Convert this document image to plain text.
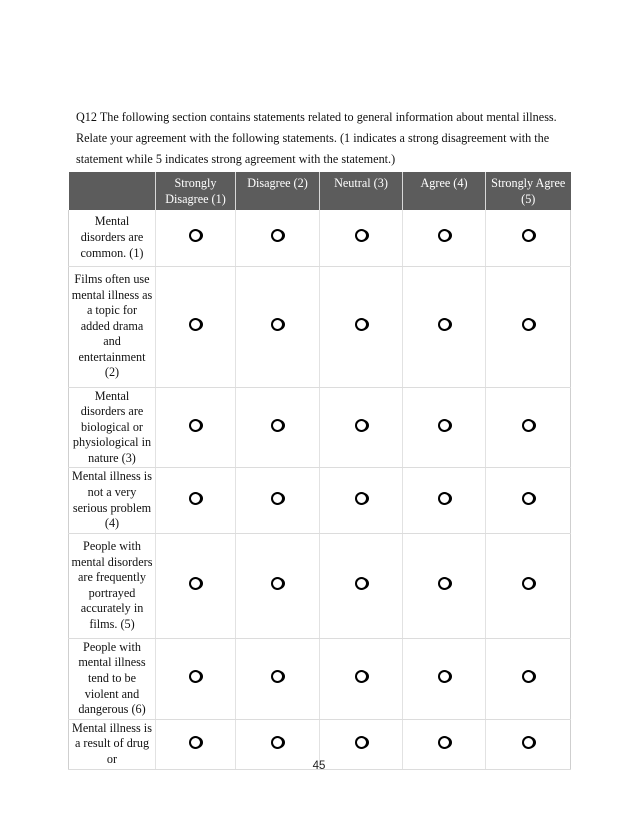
Q12 The following section contains statements related to general information about mental illness. Relate your agreement with the following statements. (1 indicates a strong disagreement with the statement while 5 indicates strong agreement with the statement.)
	Strongly Disagree (1)	Disagree (2)	Neutral (3)	Agree (4)	Strongly Agree (5)
Mental disorders are common. (1)					
Films often use mental illness as a topic for added drama and entertainment (2)					
Mental disorders are biological or physiological in nature (3)					
Mental illness is not a very serious problem (4)					
People with mental disorders are frequently portrayed accurately in films. (5)					
People with mental illness tend to be violent and dangerous (6)					
Mental illness is a result of drug or						45
